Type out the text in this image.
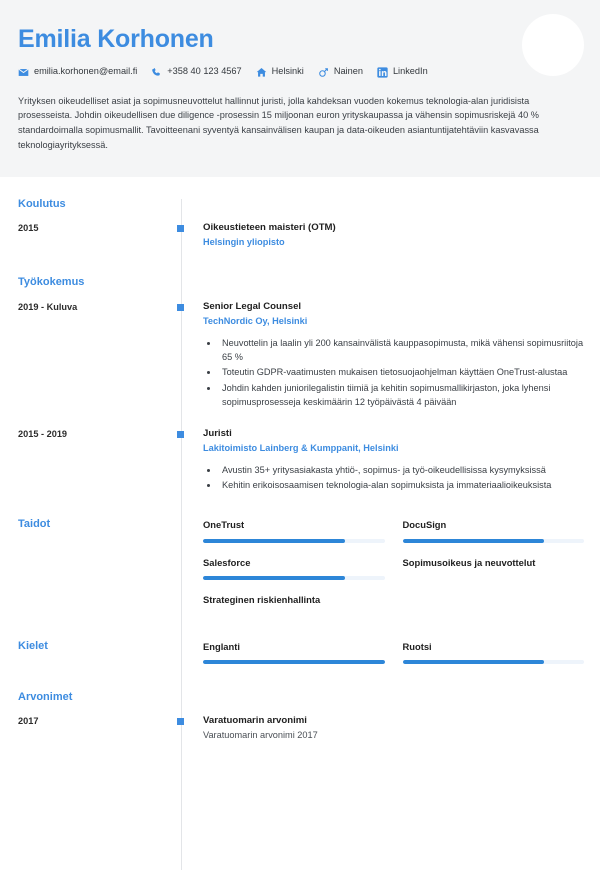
Emilia Korhonen
emilia.korhonen@email.fi	+358 40 123 4567	Helsinki	Nainen	LinkedIn

Yrityksen oikeudelliset asiat ja sopimusneuvottelut hallinnut juristi, jolla kahdeksan vuoden kokemus teknologia-alan juridisista prosesseista. Johdin oikeudellisen due diligence -prosessin 15 miljoonan euron yrityskaupassa ja vähensin sopimusriskejä 40 % standardoimalla sopimusmallit. Tavoitteenani syventyä kansainvälisen kaupan ja data-oikeuden asiantuntijatehtäviin kasvavassa teknologiayrityksessä.

Koulutus
2015	Oikeustieteen maisteri (OTM)
Helsingin yliopisto
Työkokemus
2019 - Kuluva	Senior Legal Counsel
TechNordic Oy, Helsinki
• Neuvottelin ja laalin yli 200 kansainvälistä kauppasopimusta, mikä vähensi sopimusriitoja 65 %
• Toteutin GDPR-vaatimusten mukaisen tietosuojaohjelman käyttäen OneTrust-alustaa
• Johdin kahden juniorilegalistin tiimiä ja kehitin sopimusmallikirjaston, joka lyhensi sopimusprosesseja keskimäärin 12 työpäivästä 4 päivään
2015 - 2019	Juristi
Lakitoimisto Lainberg & Kumppanit, Helsinki
• Avustin 35+ yritysasiakasta yhtiö-, sopimus- ja työ-oikeudellisissa kysymyksissä
• Kehitin erikoisosaamisen teknologia-alan sopimuksista ja immateriaalioikeuksista
Taidot	OneTrust	DocuSign
Salesforce	Sopimusoikeus ja neuvottelut
Strateginen riskienhallinta
Kielet	Englanti	Ruotsi
Arvonimet
2017	Varatuomarin arvonimi
Varatuomarin arvonimi 2017
